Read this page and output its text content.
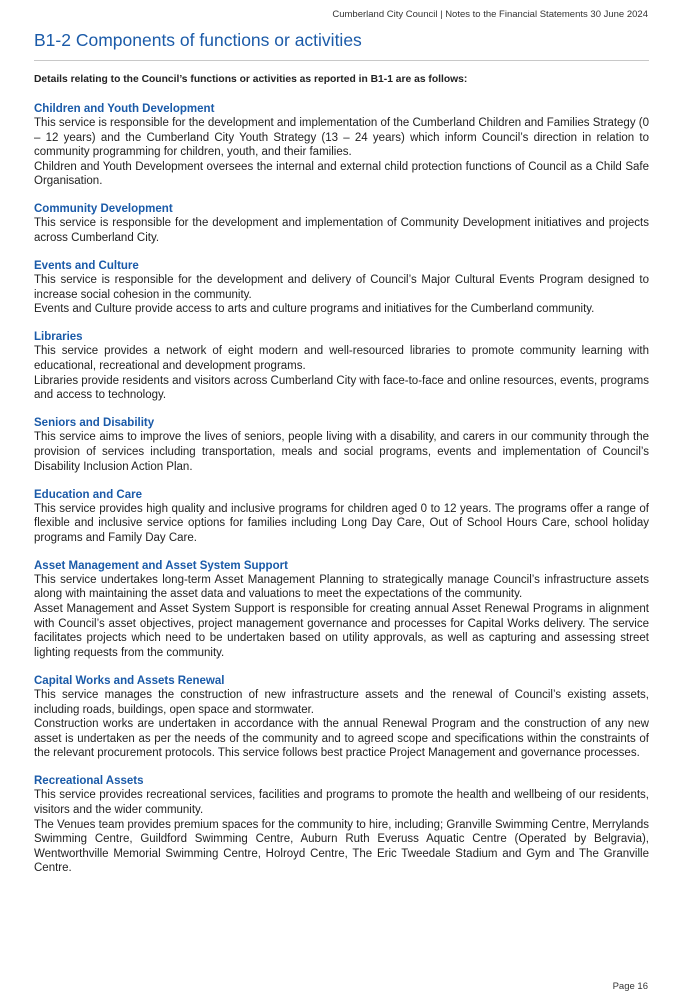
Cumberland City Council | Notes to the Financial Statements 30 June 2024
B1-2 Components of functions or activities
Details relating to the Council’s functions or activities as reported in B1-1 are as follows:
Children and Youth Development

This service is responsible for the development and implementation of the Cumberland Children and Families Strategy (0 – 12 years) and the Cumberland City Youth Strategy (13 – 24 years) which inform Council’s direction in relation to community programming for children, youth, and their families.

Children and Youth Development oversees the internal and external child protection functions of Council as a Child Safe Organisation.

Community Development

This service is responsible for the development and implementation of Community Development initiatives and projects across Cumberland City.

Events and Culture

This service is responsible for the development and delivery of Council’s Major Cultural Events Program designed to increase social cohesion in the community.

Events and Culture provide access to arts and culture programs and initiatives for the Cumberland community.

Libraries

This service provides a network of eight modern and well-resourced libraries to promote community learning with educational, recreational and development programs.

Libraries provide residents and visitors across Cumberland City with face-to-face and online resources, events, programs and access to technology.

Seniors and Disability

This service aims to improve the lives of seniors, people living with a disability, and carers in our community through the provision of services including transportation, meals and social programs, events and implementation of Council’s Disability Inclusion Action Plan.

Education and Care

This service provides high quality and inclusive programs for children aged 0 to 12 years. The programs offer a range of flexible and inclusive service options for families including Long Day Care, Out of School Hours Care, school holiday programs and Family Day Care.

Asset Management and Asset System Support

This service undertakes long-term Asset Management Planning to strategically manage Council’s infrastructure assets along with maintaining the asset data and valuations to meet the expectations of the community.

Asset Management and Asset System Support is responsible for creating annual Asset Renewal Programs in alignment with Council’s asset objectives, project management governance and processes for Capital Works delivery. The service facilitates projects which need to be undertaken based on utility approvals, as well as capturing and assessing street lighting requests from the community.

Capital Works and Assets Renewal

This service manages the construction of new infrastructure assets and the renewal of Council’s existing assets, including roads, buildings, open space and stormwater.

Construction works are undertaken in accordance with the annual Renewal Program and the construction of any new asset is undertaken as per the needs of the community and to agreed scope and specifications within the constraints of the relevant procurement protocols. This service follows best practice Project Management and governance processes.

Recreational Assets

This service provides recreational services, facilities and programs to promote the health and wellbeing of our residents, visitors and the wider community.

The Venues team provides premium spaces for the community to hire, including; Granville Swimming Centre, Merrylands Swimming Centre, Guildford Swimming Centre, Auburn Ruth Everuss Aquatic Centre (Operated by Belgravia), Wentworthville Memorial Swimming Centre, Holroyd Centre, The Eric Tweedale Stadium and Gym and The Granville Centre.

Page 16
